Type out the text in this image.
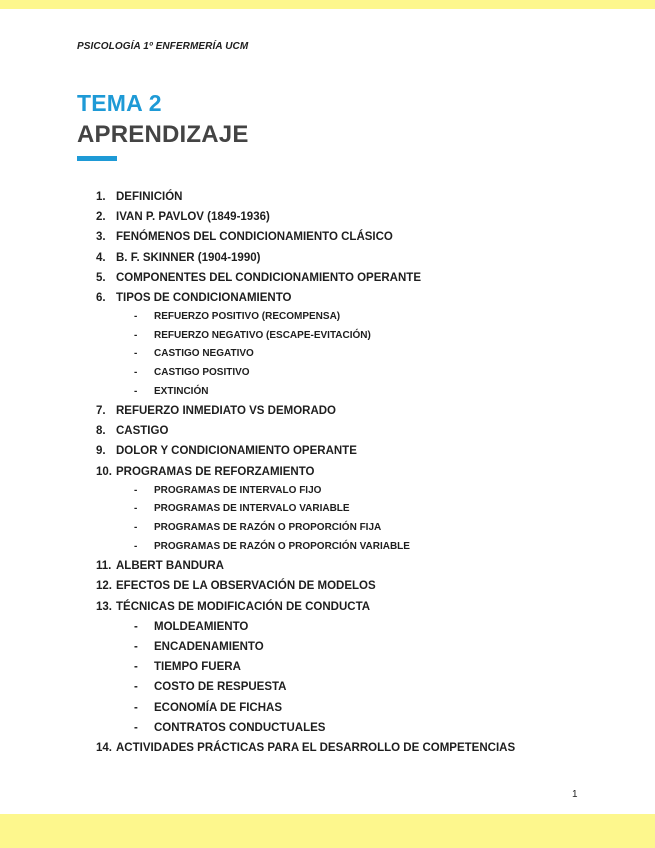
PSICOLOGÍA 1º ENFERMERÍA UCM
TEMA 2
APRENDIZAJE
1. DEFINICIÓN
2. IVAN P. PAVLOV (1849-1936)
3. FENÓMENOS DEL CONDICIONAMIENTO CLÁSICO
4. B. F. SKINNER (1904-1990)
5. COMPONENTES DEL CONDICIONAMIENTO OPERANTE
6. TIPOS DE CONDICIONAMIENTO
- REFUERZO POSITIVO (RECOMPENSA)
- REFUERZO NEGATIVO (ESCAPE-EVITACIÓN)
- CASTIGO NEGATIVO
- CASTIGO POSITIVO
- EXTINCIÓN
7. REFUERZO INMEDIATO VS DEMORADO
8. CASTIGO
9. DOLOR Y CONDICIONAMIENTO OPERANTE
10. PROGRAMAS DE REFORZAMIENTO
- PROGRAMAS DE INTERVALO FIJO
- PROGRAMAS DE INTERVALO VARIABLE
- PROGRAMAS DE RAZÓN O PROPORCIÓN FIJA
- PROGRAMAS DE RAZÓN O PROPORCIÓN VARIABLE
11. ALBERT BANDURA
12. EFECTOS DE LA OBSERVACIÓN DE MODELOS
13. TÉCNICAS DE MODIFICACIÓN DE CONDUCTA
- MOLDEAMIENTO
- ENCADENAMIENTO
- TIEMPO FUERA
- COSTO DE RESPUESTA
- ECONOMÍA DE FICHAS
- CONTRATOS CONDUCTUALES
14. ACTIVIDADES PRÁCTICAS PARA EL DESARROLLO DE COMPETENCIAS
1
